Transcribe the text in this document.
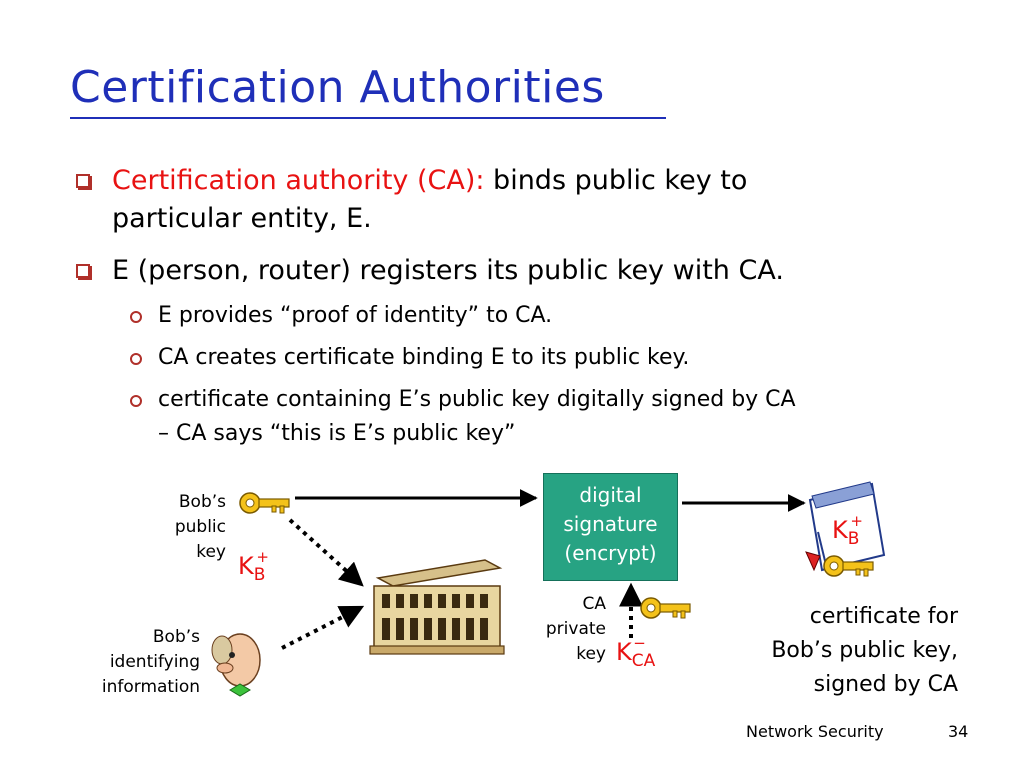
Certification Authorities
Certification authority (CA): binds public key to
particular entity, E.
E (person, router) registers its public key with CA.
E provides “proof of identity” to CA.
CA creates certificate binding E to its public key.
certificate containing E’s public key digitally signed by CA
– CA says “this is E’s public key”
Bob’s
public
key $K_B^+$
Bob’s
identifying
information
digital
signature
(encrypt)
CA
private
key $K_{CA}^-$
$K_B^+$
certificate for
Bob’s public key,
signed by CA
Network Security	34
